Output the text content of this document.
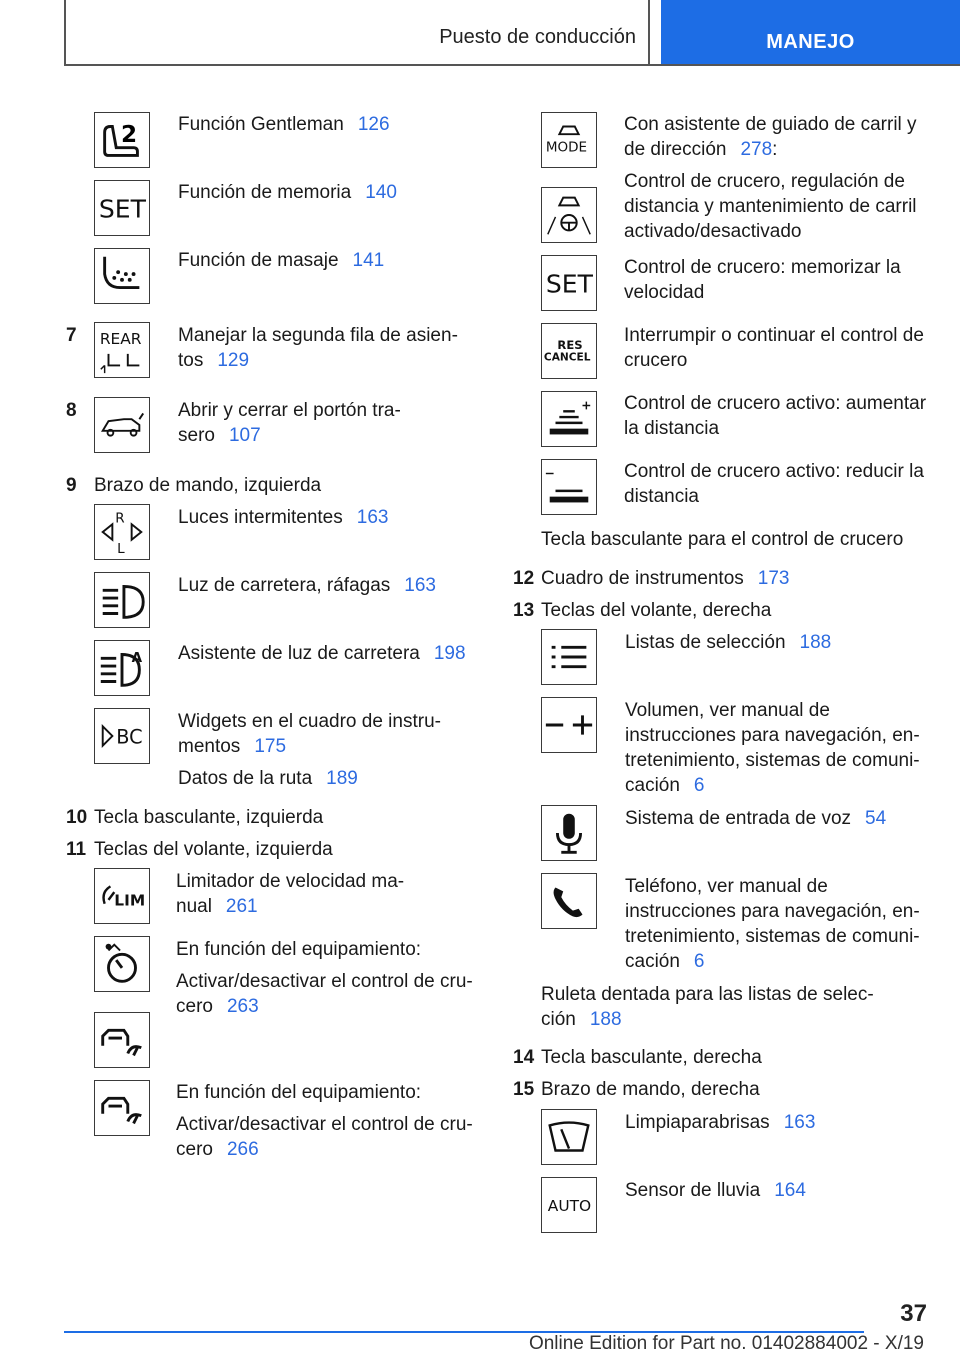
Puesto de conducción	MANEJO
2 Función Gentleman 126
SET
Función de memoria 140
Función de masaje 141
7 REAR Manejar la segunda fila de asien-
tos 129
8	Abrir y cerrar el portón tra-
sero 107
9 Brazo de mando, izquierda
R
L
Luces intermitentes 163
Luz de carretera, ráfagas 163
A Asistente de luz de carretera 198
BC
Widgets en el cuadro de instru-
mentos 175
Datos de la ruta 189
10 Tecla basculante, izquierda
11 Teclas del volante, izquierda
LIM
Limitador de velocidad ma-
nual 261
En función del equipamiento:
Activar/desactivar el control de cru-
cero 263
En función del equipamiento:
Activar/desactivar el control de cru-
cero 266
MODE
Con asistente de guiado de carril y
de dirección 278:
Control de crucero, regulación de
distancia y mantenimiento de carril
activado/desactivado
SET
Control de crucero: memorizar la
velocidad
RES
CANCEL
Interrumpir o continuar el control de
crucero
Control de crucero activo: aumentar
la distancia
Control de crucero activo: reducir la
distancia
Tecla basculante para el control de crucero
12 Cuadro de instrumentos 173
13 Teclas del volante, derecha
Listas de selección 188
Volumen, ver manual de
instrucciones para navegación, en-
tretenimiento, sistemas de comuni-
cación 6
Sistema de entrada de voz 54
Teléfono, ver manual de
instrucciones para navegación, en-
tretenimiento, sistemas de comuni-
cación 6
Ruleta dentada para las listas de selec-
ción 188
14 Tecla basculante, derecha
15 Brazo de mando, derecha
Limpiaparabrisas 163
AUTO
Sensor de lluvia 164
37
Online Edition for Part no. 01402884002 - X/19
